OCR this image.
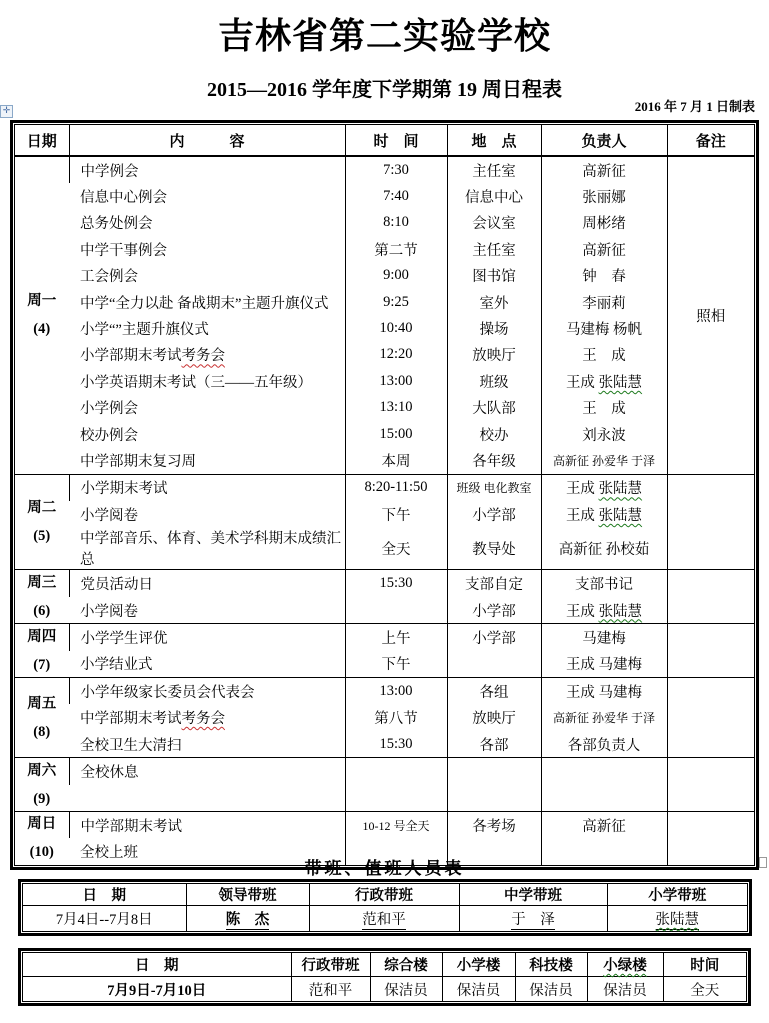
吉林省第二实验学校
2015—2016 学年度下学期第 19 周日程表
2016 年 7 月 1 日制表
✛
日期	内　　　容	时　间	地　点	负责人	备注

周一
(4)	中学例会	7:30	主任室	高新征	照相
	信息中心例会	7:40	信息中心	张丽娜	
	总务处例会	8:10	会议室	周彬绪	
	中学干事例会	第二节	主任室	高新征	
	工会例会	9:00	图书馆	钟　春	
	中学“全力以赴 备战期末”主题升旗仪式	9:25	室外	李丽莉	
	小学“”主题升旗仪式	10:40	操场	马建梅 杨帆	
	小学部期末考试考务会	12:20	放映厅	王　成	
	小学英语期末考试（三――五年级）	13:00	班级	王成 张陆慧	
	小学例会	13:10	大队部	王　成	
	校办例会	15:00	校办	刘永波	
	中学部期末复习周	本周	各年级	高新征 孙爱华 于泽	

周二
(5)	小学期末考试	8:20-11:50	班级 电化教室	王成 张陆慧	
	小学阅卷	下午	小学部	王成 张陆慧	
	中学部音乐、体育、美术学科期末成绩汇总	全天	教导处	高新征 孙校茹	

周三
(6)	党员活动日	15:30	支部自定	支部书记	
	小学阅卷		小学部	王成 张陆慧	

周四
(7)	小学学生评优	上午	小学部	马建梅	
	小学结业式	下午		王成 马建梅	

周五
(8)	小学年级家长委员会代表会	13:00	各组	王成 马建梅	
	中学部期末考试考务会	第八节	放映厅	高新征 孙爱华 于泽	
	全校卫生大清扫	15:30	各部	各部负责人	

周六
(9)	全校休息				

周日
(10)	中学部期末考试	10-12 号全天	各考场	高新征	
	全校上班				
带班、值班人员表
日　期	领导带班	行政带班	中学带班	小学带班
7月4日--7月8日	陈　杰	范和平	于　泽	张陆慧
日　期	行政带班	综合楼	小学楼	科技楼	小绿楼	时间
7月9日-7月10日	范和平	保洁员	保洁员	保洁员	保洁员	全天
